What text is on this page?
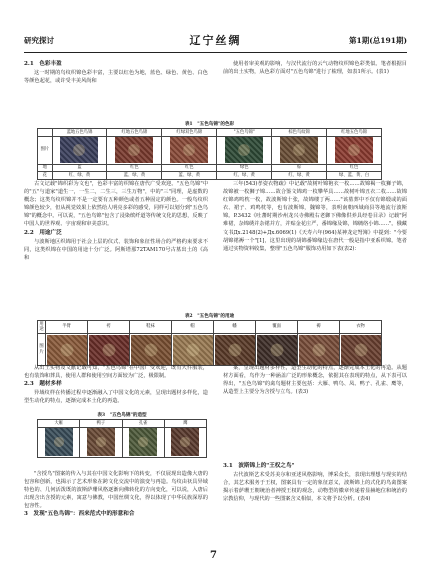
研究探讨	辽宁丝绸	第1期(总191期)
2.1　色彩丰盈
这一时期的鸟纹织锦色彩丰富，主要以红色为地，蓝色、绿色、黄色、白色等颜色起花，或许受丰美风尚和
使用者审美观的影响，与汉代流行的云气动物纹织锦色彩类似。笔者根据目前的出土实物，从色彩方面对"五色鸟锦"进行了梳理，如表1所示。(表1)
表1　"五色鸟锦"的色彩
	蓝地五色鸟锦	红地五色鸟锦	红绿双色鸟锦	"五色鸟锦"	棕色鸟纹锦	红地五色鸟锦
图片	

地	蓝	红色	红色	绿色	棕	红色
花	红、绿、黄	蓝、绿、黄	蓝、绿、黄	红、绿、黄	红、绿、黄	绿、蓝、黄、白
古文记载"锦织彩为文也"，色彩丰富的织锦在唐代广受欢迎。"五色鸟锦"中的"五"与道家"道生一，一生二，二生三，三生万物"，中的"三"同理，是虚数的概念；这类鸟纹织锦并不是一定要有五种颜色或者五种固定的颜色。一般鸟纹织锦颜色较少，但从视觉效果上依然给人明亮多彩的感受，同样可以划分到"五色鸟锦"的概念中。可以说，"五色鸟锦"包含了浸染缤纤道等传统文化的思想，反映了中国人的世界观、宇宙观和审美意识。
2.2　用途广泛
与波斯地区织锦用于社会上层的仪式、装饰和象征性场合的严格约束要求不同，这类织锦在中国的用途十分广泛。阿斯塔那72TAM170号古墓出土的《高和
三年(543)孝姿衣物疏》中记载"故树叶锦袍衣一枚……故锦褐一枚狮子锦，故锦被一枚狮子锦……故合鉴文锦鸡一枚攀华具……故树叶锦丑衣二枚……故锦红锦鸡鸣枕一枚，故波斯锦十张，故锦缕丁两……"该墓葬中不仅有锦缎或的面衣、裙子、鸡鸣枕等，也有波斯锦，魏锦等，表明南朝西域商县等地流行波斯锦。P.3432《吐蕃时期沙州龙兴寺佛殿右老御下佛像供养具经卷目录》记载"阿难裙，杂锦绣并杂裙并方，并贴金花庄严，番锦缘及锦，锦缡络小锦……"。俄藏文书Дx.2148(2)+Дx.6069(1)《天寿六年(964)某神龙定弩簿》中提到："今要胡锦裙褥一个"[1]，这里出现的胡锦番锦缘边在唐代一般是指中亚系织锦。笔者通过实物资料收集，整理"五色鸟锦"服饰功用如下表(表2)：
表2　"五色鸟锦"的用途
用途	半臂	袴	鞋袜	帽	幡	覆面	褥	衣物
图片	

从出土实物及文献记载可知，"五色鸟锦"在中国广受欢迎，既有大件服装，也有装饰和葬具，使用人群和使用空间方面较为广泛，极限制。
2.3　题材多样
异域纹样在传播过程中逐渐融入了中国文化的元素，呈现出题材多样化，造型生动化的特点，逐渐完成本土化的再造。
案，呈现出题材多样性，造型生动化的特点，逐渐完成本土化的再造。从题材方面看，鸟作为一种涵盖广泛的形象概念，依据其在表现的特点，从下表可以得出，"五色鸟锦"的禽鸟题材主要包括：大雁、鸭鸟、凤、鸭子、孔雀、鹰等，从造型上主要分为含授与立鸟。(表3)
表3　"五色鸟锦"的造型
大雁	鸭子	孔雀	鹰

"含授鸟"图案的传入与其在中国文化影响下的转变，不仅展现出造像大唐的包容和创新，也揭示了艺术形象在跨文化交流中的演变与再造。鸟纹由祆具异域特色的、几何活泼既的波斯萨珊风格逐渐向佛转化的方向变化，可以说，入唐后出现含出含授的元素，寓意与佛教，中国丝绸文化，得以体现了中华民族深厚的包容性。
3　发现"五色鸟锦"：西来范式中的形意和合
3.1　波斯锦上的"王权之鸟"
古代波斯艺术受苏美尔和亚述风格影响，博采众长，表现出理想与现实的结合，其艺术服务于王权，图案具有一定的象征意义，波斯锦上的式化的鸟禽图案揭示着萨珊王朝统治者神授王权的观念，动物型的徽章传递着显赫地位和统治的宗教信仰，与现代的一些图案含义相似，本文将予以分析。(表4)
7
